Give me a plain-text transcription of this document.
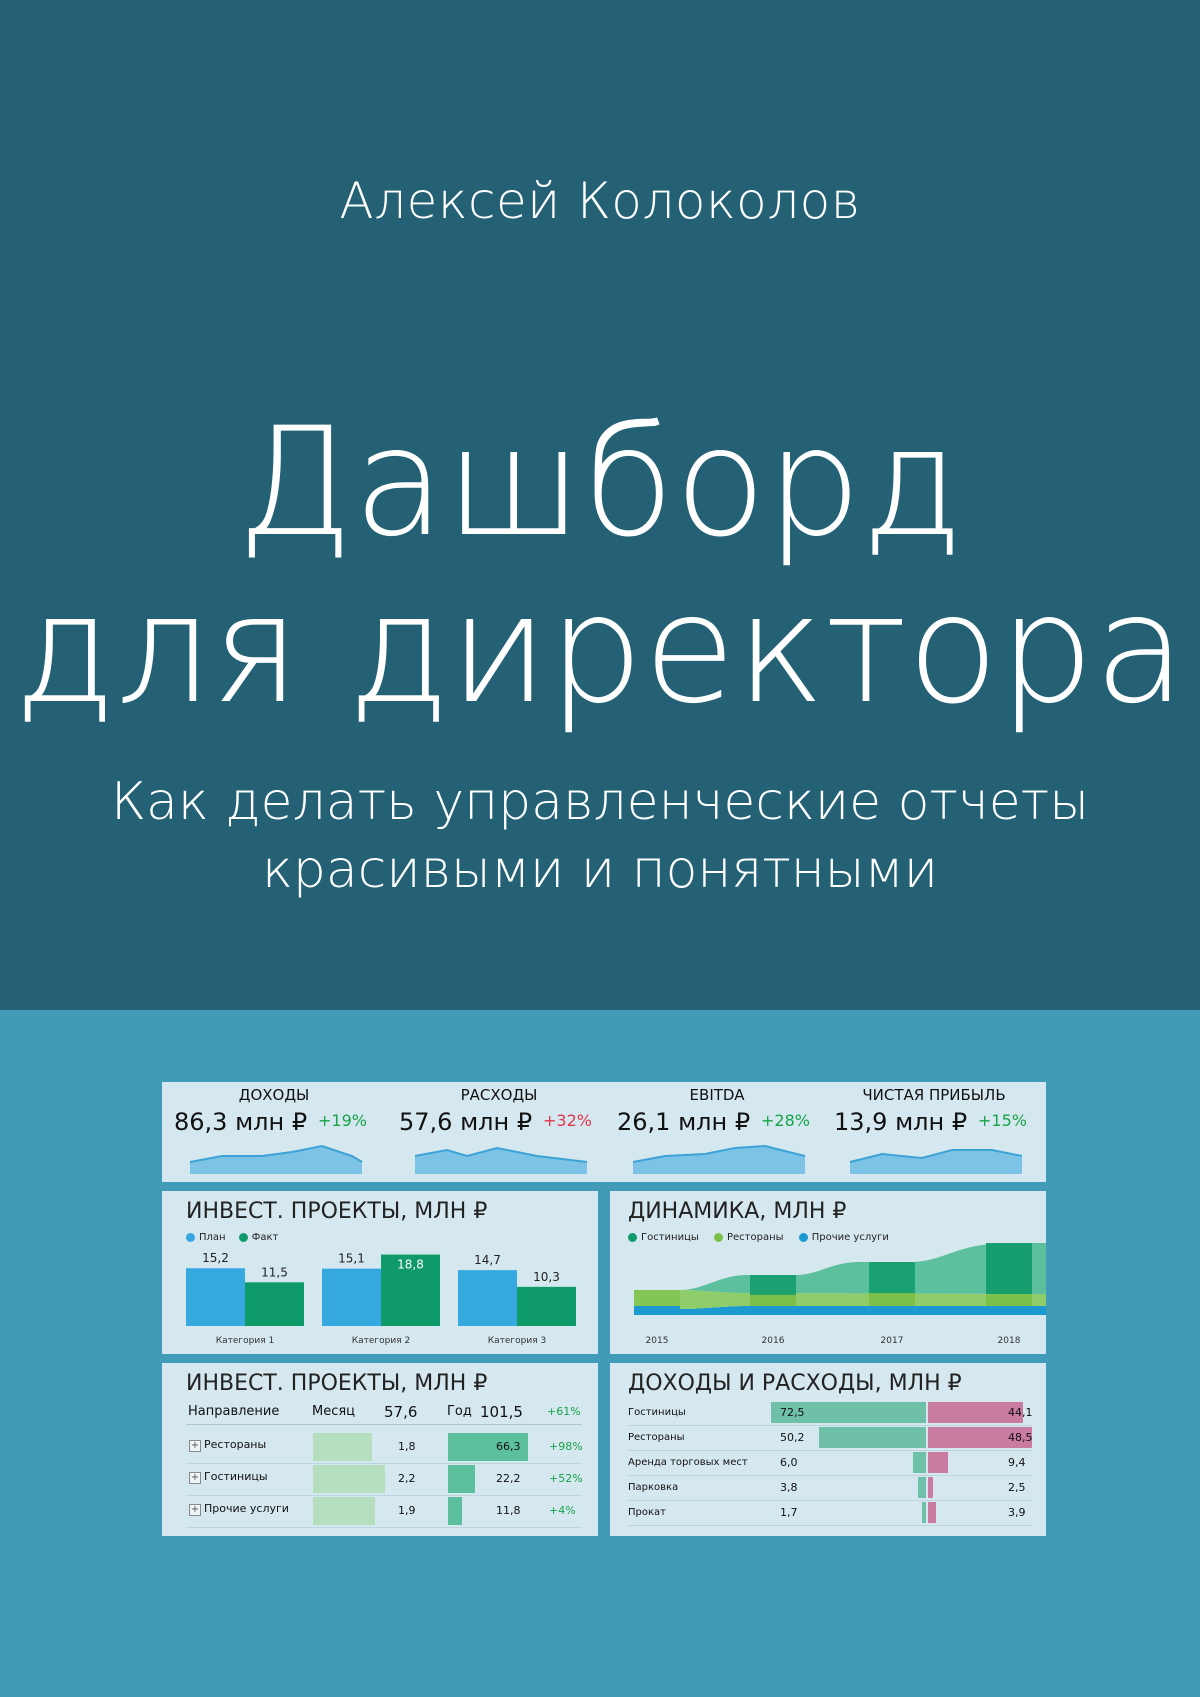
Алексей Колоколов
Дашборд
для директора
Как делать управленческие отчеты
красивыми и понятными
ДОХОДЫ
86,3 млн ₽ +19%
РАСХОДЫ
57,6 млн ₽ +32%
EBITDA
26,1 млн ₽ +28%
ЧИСТАЯ ПРИБЫЛЬ
13,9 млн ₽ +15%
ИНВЕСТ. ПРОЕКТЫ, МЛН ₽
План	Факт
15,2
11,5
Категория 1
15,1	18,8
Категория 2
14,7
10,3
Категория 3
ДИНАМИКА, МЛН ₽
Гостиницы	Рестораны	Прочие услуги
2015	2016	2017	2018
ИНВЕСТ. ПРОЕКТЫ, МЛН ₽
Направление	Месяц 57,6 Год 101,5 +61%
+ Рестораны	1,8	66,3	+98%
+ Гостиницы	2,2	22,2	+52%
+ Прочие услуги	1,9	11,8	+4%
ДОХОДЫ И РАСХОДЫ, МЛН ₽
Гостиницы	72,5	44,1
Рестораны	50,2	48,5
Аренда торговых мест	6,0	9,4
Парковка	3,8	2,5
Прокат	1,7	3,9
